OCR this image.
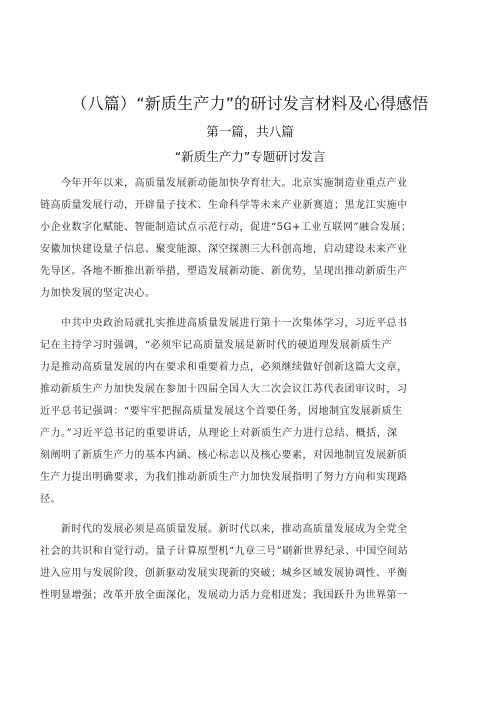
（八篇）“新质生产力”的研讨发言材料及心得感悟
第一篇，共八篇
“新质生产力”专题研讨发言

今年开年以来，高质量发展新动能加快孕育壮大。北京实施制造业重点产业
链高质量发展行动，开辟量子技术、生命科学等未来产业新赛道；黑龙江实施中
小企业数字化赋能、智能制造试点示范行动，促进“5G+工业互联网”融合发展；
安徽加快建设量子信息、聚变能源、深空探测三大科创高地，启动建设未来产业
先导区。各地不断推出新举措，塑造发展新动能、新优势，呈现出推动新质生产
力加快发展的坚定决心。

中共中央政治局就扎实推进高质量发展进行第十一次集体学习，习近平总书
记在主持学习时强调，“必须牢记高质量发展是新时代的硬道理发展新质生产
力是推动高质量发展的内在要求和重要着力点，必须继续做好创新这篇大文章，
推动新质生产力加快发展在参加十四届全国人大二次会议江苏代表团审议时，习
近平总书记强调：“要牢牢把握高质量发展这个首要任务，因地制宜发展新质生
产力。”习近平总书记的重要讲话，从理论上对新质生产力进行总结、概括，深
刻阐明了新质生产力的基本内涵、核心标志以及核心要素，对因地制宜发展新质
生产力提出明确要求，为我们推动新质生产力加快发展指明了努力方向和实现路
径。

新时代的发展必须是高质量发展。新时代以来，推动高质量发展成为全党全
社会的共识和自觉行动。量子计算原型机“九章三号”刷新世界纪录、中国空间站
进入应用与发展阶段，创新驱动发展实现新的突破；城乡区域发展协调性、平衡
性明显增强；改革开放全面深化，发展动力活力竞相迸发；我国跃升为世界第一
